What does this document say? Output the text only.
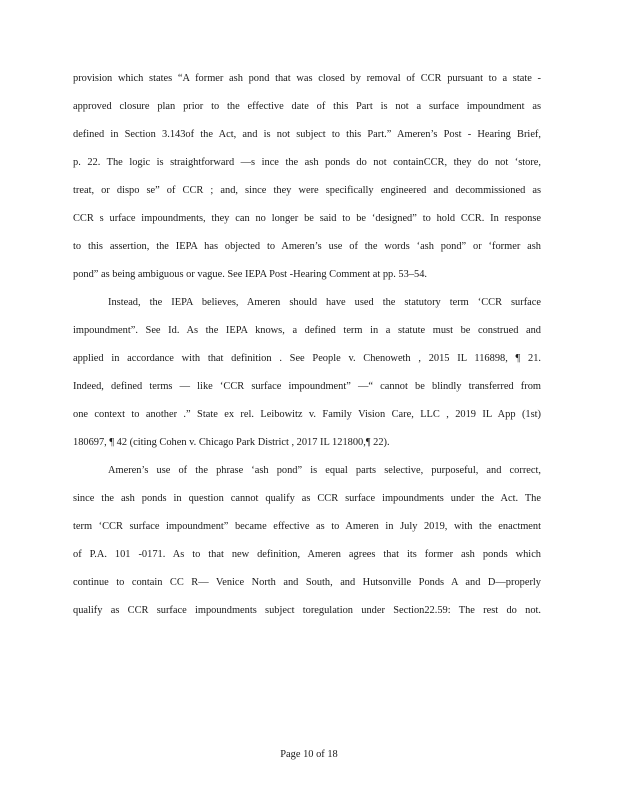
provision which states “A former ash pond that was closed by removal of CCR pursuant to a state -
approved closure plan prior to the effective date of this Part is not a surface impoundment as
defined in Section 3.143of the Act, and is not subject to this Part.” Ameren’s Post - Hearing Brief,
p. 22. The logic is straightforward —s ince the ash ponds do not containCCR, they do not ‘store,
treat, or dispo se” of CCR ; and, since they were specifically engineered and decommissioned as
CCR s urface impoundments, they can no longer be said to be ‘designed” to hold CCR. In response
to this assertion, the IEPA has objected to Ameren’s use of the words ‘ash pond” or ‘former ash
pond” as being ambiguous or vague. See IEPA Post -Hearing Comment at pp. 53–54.
Instead, the IEPA believes, Ameren should have used the statutory term ‘CCR surface
impoundment”. See Id. As the IEPA knows, a defined term in a statute must be construed and
applied in accordance with that definition . See People v. Chenoweth , 2015 IL 116898, ¶ 21.
Indeed, defined terms — like ‘CCR surface impoundment” —“ cannot be blindly transferred from
one context to another .” State ex rel. Leibowitz v. Family Vision Care, LLC , 2019 IL App (1st)
180697, ¶ 42 (citing Cohen v. Chicago Park District , 2017 IL 121800,¶ 22).
Ameren’s use of the phrase ‘ash pond” is equal parts selective, purposeful, and correct,
since the ash ponds in question cannot qualify as CCR surface impoundments under the Act. The
term ‘CCR surface impoundment” became effective as to Ameren in July 2019, with the enactment
of P.A. 101 -0171. As to that new definition, Ameren agrees that its former ash ponds which
continue to contain CC R— Venice North and South, and Hutsonville Ponds A and D—properly
qualify as CCR surface impoundments subject toregulation under Section22.59: The rest do not.
Page 10 of 18
